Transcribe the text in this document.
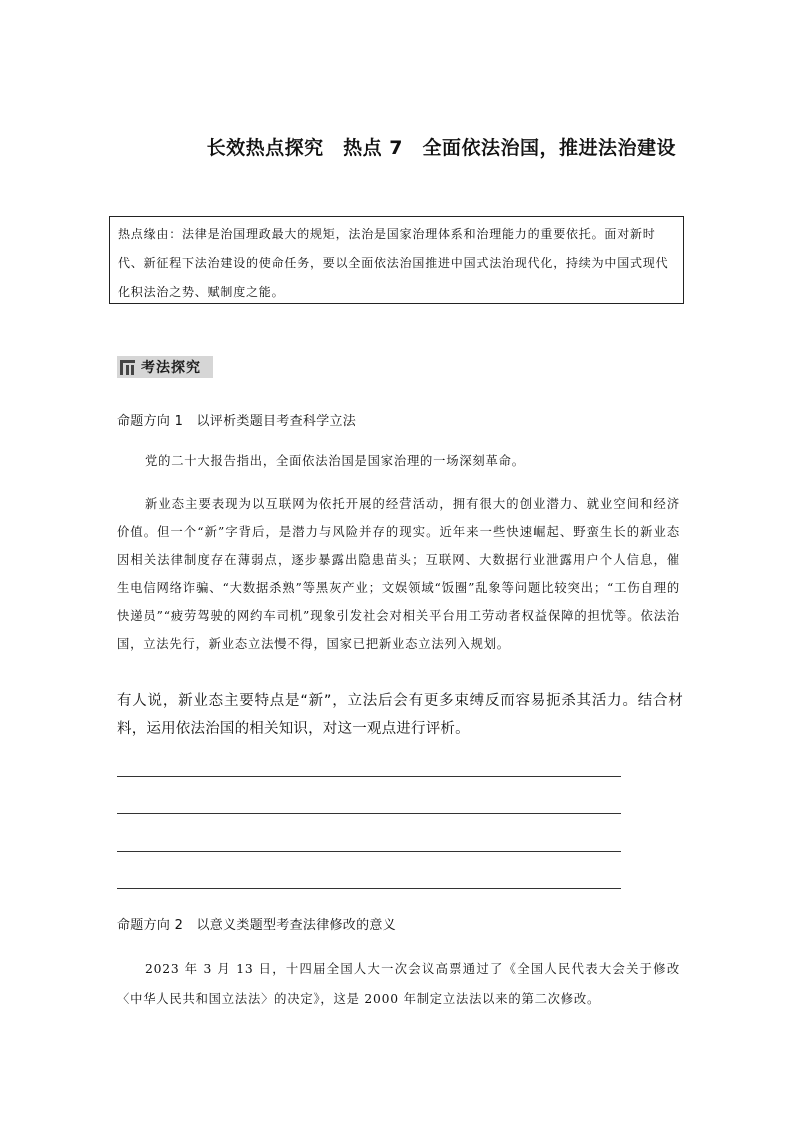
长效热点探究　热点 7　全面依法治国，推进法治建设
热点缘由：法律是治国理政最大的规矩，法治是国家治理体系和治理能力的重要依托。面对新时代、新征程下法治建设的使命任务，要以全面依法治国推进中国式法治现代化，持续为中国式现代化积法治之势、赋制度之能。
考法探究
命题方向 1　以评析类题目考查科学立法
党的二十大报告指出，全面依法治国是国家治理的一场深刻革命。
新业态主要表现为以互联网为依托开展的经营活动，拥有很大的创业潜力、就业空间和经济价值。但一个“新”字背后，是潜力与风险并存的现实。近年来一些快速崛起、野蛮生长的新业态因相关法律制度存在薄弱点，逐步暴露出隐患苗头；互联网、大数据行业泄露用户个人信息，催生电信网络诈骗、“大数据杀熟”等黑灰产业；文娱领域“饭圈”乱象等问题比较突出；“工伤自理的快递员”“疲劳驾驶的网约车司机”现象引发社会对相关平台用工劳动者权益保障的担忧等。依法治国，立法先行，新业态立法慢不得，国家已把新业态立法列入规划。
有人说，新业态主要特点是“新”，立法后会有更多束缚反而容易扼杀其活力。结合材料，运用依法治国的相关知识，对这一观点进行评析。
命题方向 2　以意义类题型考查法律修改的意义
2023 年 3 月 13 日，十四届全国人大一次会议高票通过了《全国人民代表大会关于修改〈中华人民共和国立法法〉的决定》，这是 2000 年制定立法法以来的第二次修改。
